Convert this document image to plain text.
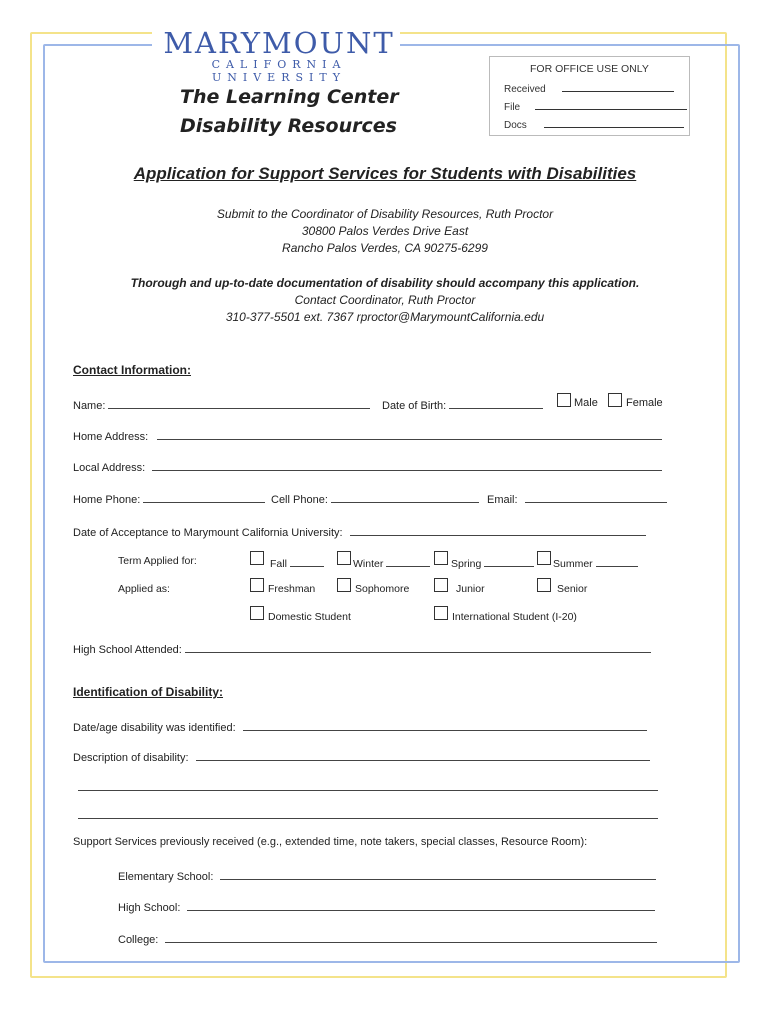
MARYMOUNT
CALIFORNIA UNIVERSITY
FOR OFFICE USE ONLY
Received
File
Docs
The Learning Center
Disability Resources
Application for Support Services for Students with Disabilities
Submit to the Coordinator of Disability Resources, Ruth Proctor
30800 Palos Verdes Drive East
Rancho Palos Verdes, CA 90275-6299
Thorough and up-to-date documentation of disability should accompany this application.
Contact Coordinator, Ruth Proctor
310-377-5501 ext. 7367 rproctor@MarymountCalifornia.edu
Contact Information:
Name:	Date of Birth:	Male	Female
Home Address:
Local Address:
Home Phone:	Cell Phone:	Email:
Date of Acceptance to Marymount California University:
Term Applied for:	Fall	Winter	Spring	Summer
Applied as:	Freshman	Sophomore	Junior	Senior
Domestic Student	International Student (I-20)
High School Attended:
Identification of Disability:
Date/age disability was identified:
Description of disability:
Support Services previously received (e.g., extended time, note takers, special classes, Resource Room):
Elementary School:
High School:
College:
